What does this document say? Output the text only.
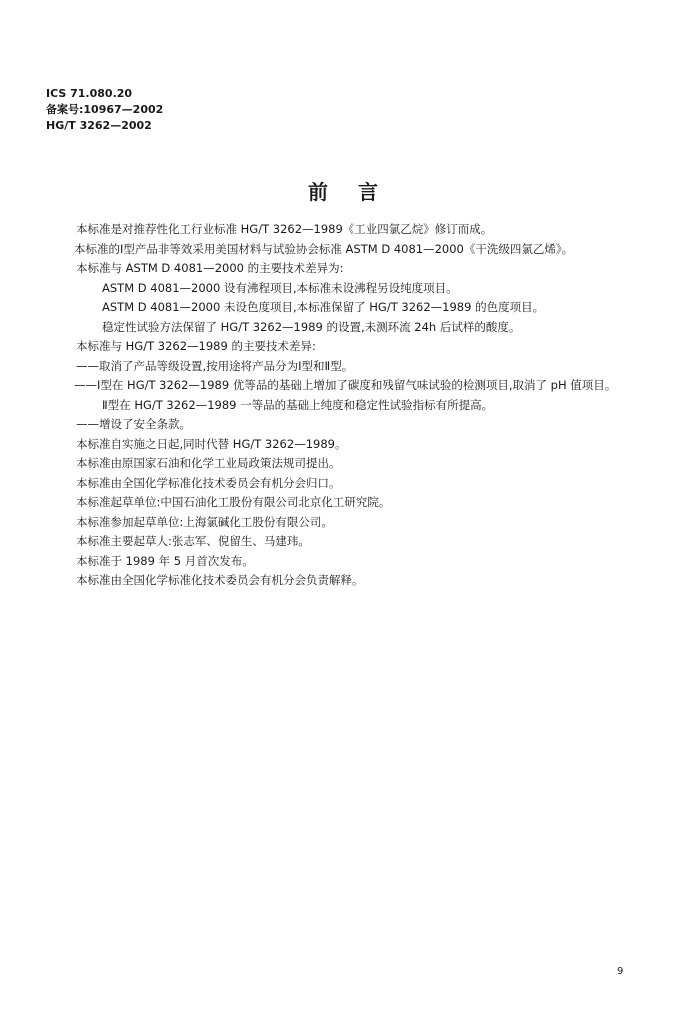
ICS 71.080.20
备案号:10967—2002
HG/T 3262—2002
前言
本标准是对推荐性化工行业标准 HG/T 3262—1989《工业四氯乙烷》修订而成。
本标准的Ⅰ型产品非等效采用美国材料与试验协会标准 ASTM D 4081—2000《干洗级四氯乙烯》。
本标准与 ASTM D 4081—2000 的主要技术差异为:
ASTM D 4081—2000 设有沸程项目,本标准未设沸程另设纯度项目。
ASTM D 4081—2000 未设色度项目,本标准保留了 HG/T 3262—1989 的色度项目。
稳定性试验方法保留了 HG/T 3262—1989 的设置,未测环流 24h 后试样的酸度。
本标准与 HG/T 3262—1989 的主要技术差异:
——取消了产品等级设置,按用途将产品分为Ⅰ型和Ⅱ型。
——Ⅰ型在 HG/T 3262—1989 优等品的基础上增加了碳度和残留气味试验的检测项目,取消了 pH 值项目。
Ⅱ型在 HG/T 3262—1989 一等品的基础上纯度和稳定性试验指标有所提高。
——增设了安全条款。
本标准自实施之日起,同时代替 HG/T 3262—1989。
本标准由原国家石油和化学工业局政策法规司提出。
本标准由全国化学标准化技术委员会有机分会归口。
本标准起草单位:中国石油化工股份有限公司北京化工研究院。
本标准参加起草单位:上海氯碱化工股份有限公司。
本标准主要起草人:张志军、倪留生、马建玮。
本标准于 1989 年 5 月首次发布。
本标准由全国化学标准化技术委员会有机分会负责解释。
9
